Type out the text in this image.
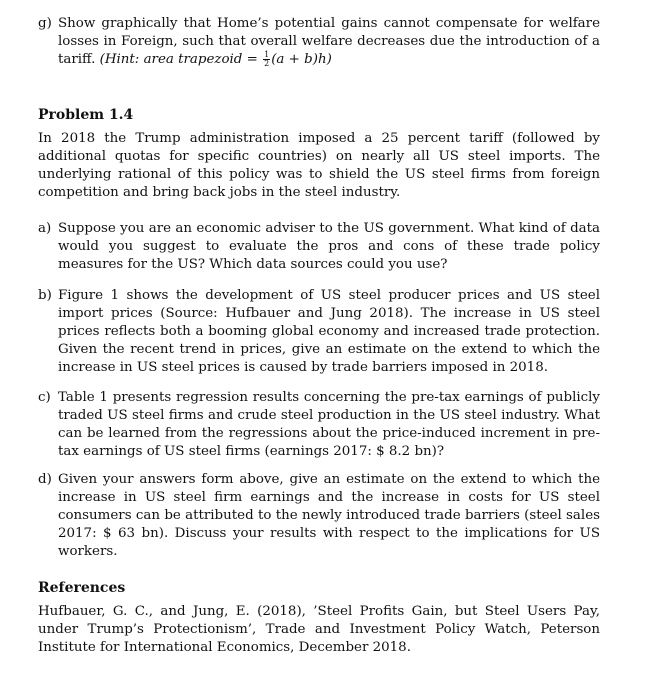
g) Show graphically that Home’s potential gains cannot compensate for welfare losses in Foreign, such that overall welfare decreases due the introduction of a tariff. (Hint: area trapezoid = $\frac{1}{2} (a + b)h$)
Problem 1.4
In 2018 the Trump administration imposed a 25 percent tariff (followed by additional quotas for specific countries) on nearly all US steel imports. The underlying rational of this policy was to shield the US steel firms from foreign competition and bring back jobs in the steel industry.
a) Suppose you are an economic adviser to the US government. What kind of data would you suggest to evaluate the pros and cons of these trade policy measures for the US? Which data sources could you use?
b) Figure 1 shows the development of US steel producer prices and US steel import prices (Source: Hufbauer and Jung 2018). The increase in US steel prices reflects both a booming global economy and increased trade protection. Given the recent trend in prices, give an estimate on the extend to which the increase in US steel prices is caused by trade barriers imposed in 2018.
c) Table 1 presents regression results concerning the pre-tax earnings of publicly traded US steel firms and crude steel production in the US steel industry. What can be learned from the regressions about the price-induced increment in pre-tax earnings of US steel firms (earnings 2017: $ 8.2 bn)?
d) Given your answers form above, give an estimate on the extend to which the increase in US steel firm earnings and the increase in costs for US steel consumers can be attributed to the newly introduced trade barriers (steel sales 2017: $ 63 bn). Discuss your results with respect to the implications for US workers.
References
Hufbauer, G. C., and Jung, E. (2018), ’Steel Profits Gain, but Steel Users Pay, under Trump’s Protectionism’, Trade and Investment Policy Watch, Peterson Institute for International Economics, December 2018.
